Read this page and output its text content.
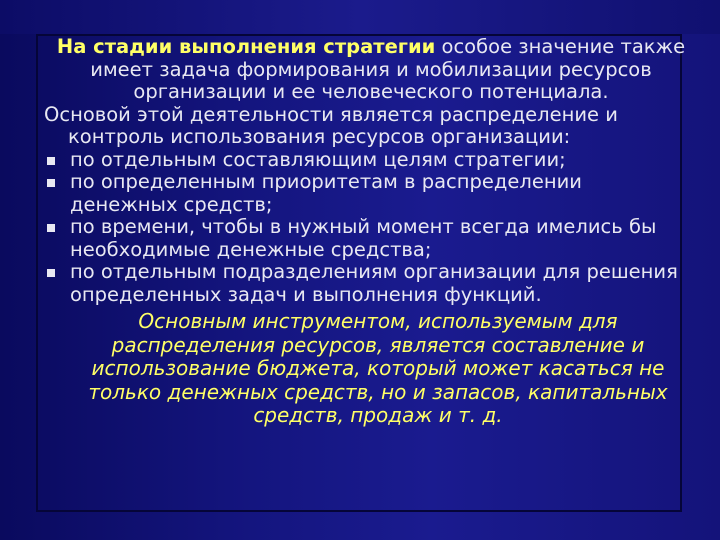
На стадии выполнения стратегии особое значение также имеет задача формирования и мобилизации ресурсов организации и ее человеческого потенциала.

Основой этой деятельности является распределение и
контроль использования ресурсов организации:

по отдельным составляющим целям стратегии;
по определенным приоритетам в распределении денежных средств;
по времени, чтобы в нужный момент всегда имелись бы необходимые денежные средства;
по отдельным подразделениям организации для решения определенных задач и выполнения функций.

Основным инструментом, используемым для распределения ресурсов, является составление и использование бюджета, который может касаться не только денежных средств, но и запасов, капитальных средств, продаж и т. д.
